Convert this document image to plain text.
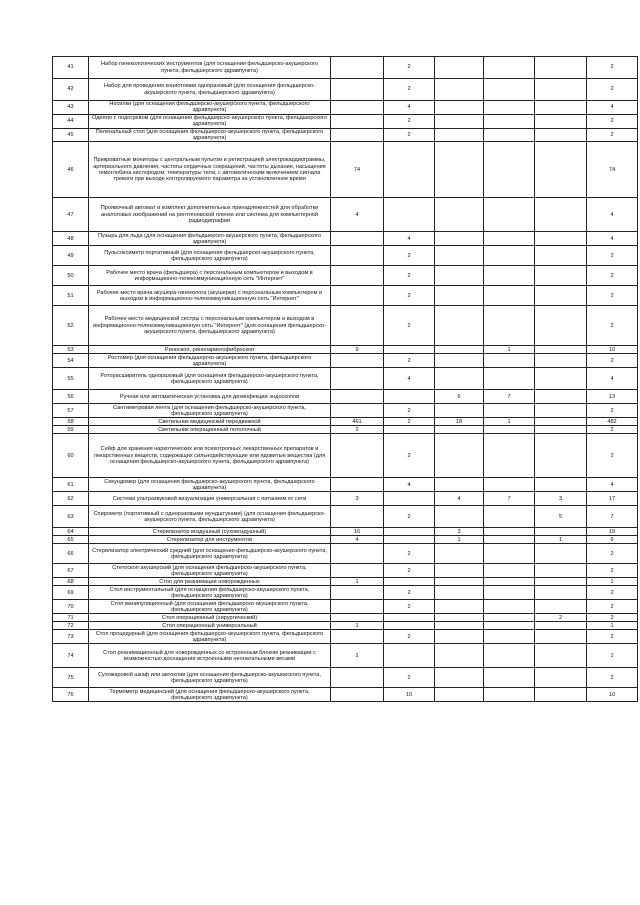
41	Набор гинекологических инструментов (для оснащения фельдшерско-акушерского пункта, фельдшерского здравпункта)		2				2
42	Набор для проведения кониотомии одноразовый (для оснащения фельдшерско-акушерского пункта, фельдшерского здравпункта)		2				2
43	Носилки (для оснащения фельдшерско-акушерского пункта, фельдшерского здравпункта)		4				4
44	Одеяло с подогревом (для оснащения фельдшерско-акушерского пункта, фельдшерского здравпункта)		2				2
45	Пеленальный стол (для оснащения фельдшерско-акушерского пункта, фельдшерского здравпункта)		2				2
46	Прикроватные мониторы с центральным пультом и регистрацией электрокардиограммы, артериального давления, частоты сердечных сокращений, частоты дыхания, насыщения гемоглобина кислородом, температуры тела; с автоматическим включением сигнала тревоги при выходе контролируемого параметра за установленное время	74					74
47	Проявочный автомат и комплект дополнительных принадлежностей для обработки аналоговых изображений на рентгеновской пленке или система для компьютерной радиодиграфии	4					4
48	Пузырь для льда (для оснащения фельдшерско-акушерского пункта, фельдшерского здравпункта)		4				4
49	Пульсоксиметр портативный (для оснащения фельдшерско-акушерского пункта, фельдшерского здравпункта)		2				2
50	Рабочее место врача (фельдшера) с персональным компьютером и выходом в информационно-телекоммуникационную сеть "Интернет"		2				2
51	Рабочее место врача акушера-гинеколога (акушерки) с персональным компьютером и выходом в информационно-телекоммуникационную сеть "Интернет"		2				2
52	Рабочее место медицинской сестры с персональным компьютером и выходом в информационно-телекоммуникационную сеть "Интернет" (для оснащения фельдшерско-акушерского пункта, фельдшерского здравпункта)		2				2
53	Риноскоп, риноларингофиброскоп	9			1		10
54	Ростомер (для оснащения фельдшерско-акушерского пункта, фельдшерского здравпункта)		2				2
55	Роторасширитель одноразовый (для оснащения фельдшерско-акушерского пункта, фельдшерского здравпункта)		4				4
56	Ручная или автоматическая установка для дезинфекции эндоскопов			6	7		13
57	Сантиметровая лента (для оснащения фельдшерско-акушерского пункта, фельдшерского здравпункта)		2				2
58	Светильник медицинский передвижной	461	2	18	1		482
59	Светильник операционный потолочный	2					2
60	Сейф для хранения наркотических или психотропных лекарственных препаратов и лекарственных веществ, содержащих сильнодействующие или ядовитые вещества (для оснащения фельдшерско-акушерского пункта, фельдшерского здравпункта)		2				2
61	Секундомер (для оснащения фельдшерско-акушерского пункта, фельдшерского здравпункта)		4				4
62	Система ультразвуковой визуализации универсальная с питанием от сети	3		4	7	3	17
63	Спирометр (портативный с одноразовыми мундштуками) (для оснащения фельдшерско-акушерского пункта, фельдшерского здравпункта)		2			5	7
64	Стерилизатор воздушный (суховоздушный)	16		3			19
65	Стерилизатор для инструментов	4		1		1	6
66	Стерилизатор электрический средний (для оснащения фельдшерско-акушерского пункта, фельдшерского здравпункта)		2				2
67	Стетоскоп акушерский (для оснащения фельдшерско-акушерского пункта, фельдшерского здравпункта)		2				2
68	Стол для реанимации новорожденных	1					1
69	Стол инструментальный (для оснащения фельдшерско-акушерского пункта, фельдшерского здравпункта)		2				2
70	Стол манипуляционный (для оснащения фельдшерско-акушерского пункта, фельдшерского здравпункта)		2				2
71	Стол операционный (хирургический)					2	2
72	Стол операционный универсальный	1					1
73	Стол процедурный (для оснащения фельдшерско-акушерского пункта, фельдшерского здравпункта)		2				2
74	Стол реанимационный для новорожденных со встроенным блоком реанимации с возможностью доснащения встроенными неонатальными весами	1					1
75	Сухожаровой шкаф или автоклав (для оснащения фельдшерско-акушерского пункта, фельдшерского здравпункта)		2				2
76	Термометр медицинский (для оснащения фельдшерско-акушерского пункта, фельдшерского здравпункта)		10				10
